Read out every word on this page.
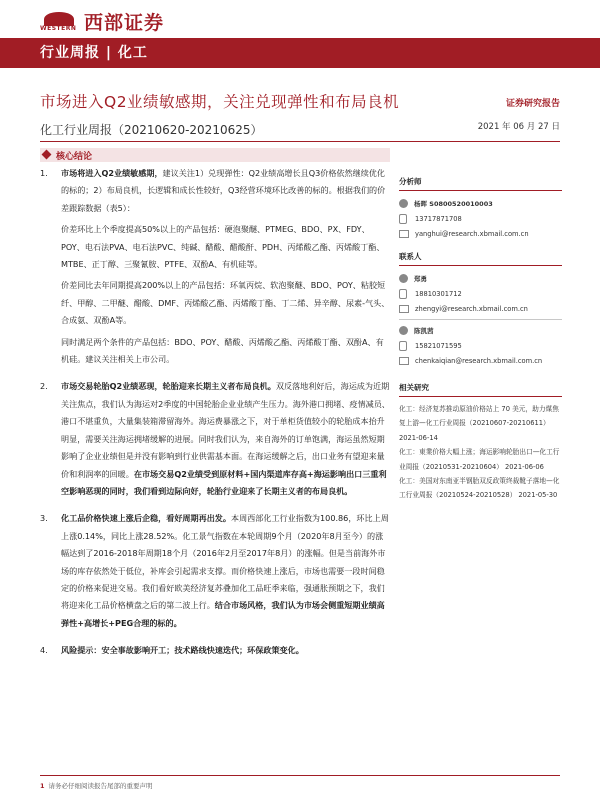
WESTERN 西部证券
行业周报 | 化工
市场进入Q2业绩敏感期，关注兑现弹性和布局良机	证券研究报告
化工行业周报（20210620-20210625）	2021 年 06 月 27 日
核心结论
1.	市场将进入Q2业绩敏感期，建议关注1）兑现弹性：Q2业绩高增长且Q3价格依然继续优化的标的；2）布局良机，长逻辑和成长性较好，Q3经营环境环比改善的标的。根据我们的价差跟踪数据（表5）：

价差环比上个季度提高50%以上的产品包括：硬泡聚醚、PTMEG、BDO、PX、FDY、POY、电石法PVA、电石法PVC、纯碱、醋酸、醋酸酐、PDH、丙烯酸乙酯、丙烯酸丁酯、MTBE、正丁醇、三聚氰胺、PTFE、双酚A、有机硅等。

价差同比去年同期提高200%以上的产品包括：环氧丙烷、软泡聚醚、BDO、POY、粘胶短纤、甲醇、二甲醚、醋酸、DMF、丙烯酸乙酯、丙烯酸丁酯、丁二烯、异辛醇、尿素-气头、合成氨、双酚A等。

同时满足两个条件的产品包括：BDO、POY、醋酸、丙烯酸乙酯、丙烯酸丁酯、双酚A、有机硅。建议关注相关上市公司。

2.	市场交易轮胎Q2业绩恶现，轮胎迎来长期主义者布局良机。双反落地利好后，海运成为近期关注焦点，我们认为海运对2季度的中国轮胎企业业绩产生压力。海外港口拥堵、疫情减员、港口不堪重负，大量集装箱滞留海外。海运费暴涨之下，对于单柜货值较小的轮胎成本抬升明显，需要关注海运拥堵缓解的进展。同时我们认为，来自海外的订单饱满，海运虽然短期影响了企业业绩但是并没有影响到行业供需基本面。在海运缓解之后，出口业务有望迎来量价和利润率的回暖。在市场交易Q2业绩受到原材料+国内渠道库存高+海运影响出口三重利空影响恶现的同时，我们看到边际向好，轮胎行业迎来了长期主义者的布局良机。
3.	化工品价格快速上涨后企稳，看好周期再出发。本周西部化工行业指数为100.86，环比上周上涨0.14%，同比上涨28.52%。化工景气指数在本轮周期9个月（2020年8月至今）的涨幅达到了2016-2018年周期18个月（2016年2月至2017年8月）的涨幅。但是当前海外市场的库存依然处于低位，补库会引起需求支撑。而价格快速上涨后，市场也需要一段时间稳定的价格来促进交易。我们看好欧美经济复苏叠加化工品旺季来临，强通胀预期之下，我们将迎来化工品价格横盘之后的第二波上行。结合市场风格，我们认为市场会侧重短期业绩高弹性+高增长+PEG合理的标的。
4.	风险提示：安全事故影响开工；技术路线快速迭代；环保政策变化。
分析师
杨晖 S0800520010003
13717871708
yanghui@research.xbmail.com.cn
联系人
郑勇
18810301712
zhengyi@research.xbmail.com.cn
陈凯茜
15821071595
chenkaiqian@research.xbmail.com.cn
相关研究

化工：经济复苏推动原油价格站上 70 美元，助力煤焦复上游—化工行业周报（20210607-20210611） 2021-06-14

化工：東業价格大幅上涨；海运影响轮胎出口—化工行业周报（20210531-20210604） 2021-06-06

化工：美国对东南亚半钢胎双反政策终裁靴子落地—化工行业周报（20210524-20210528） 2021-05-30

1 请务必仔细阅读报告尾部的重要声明
